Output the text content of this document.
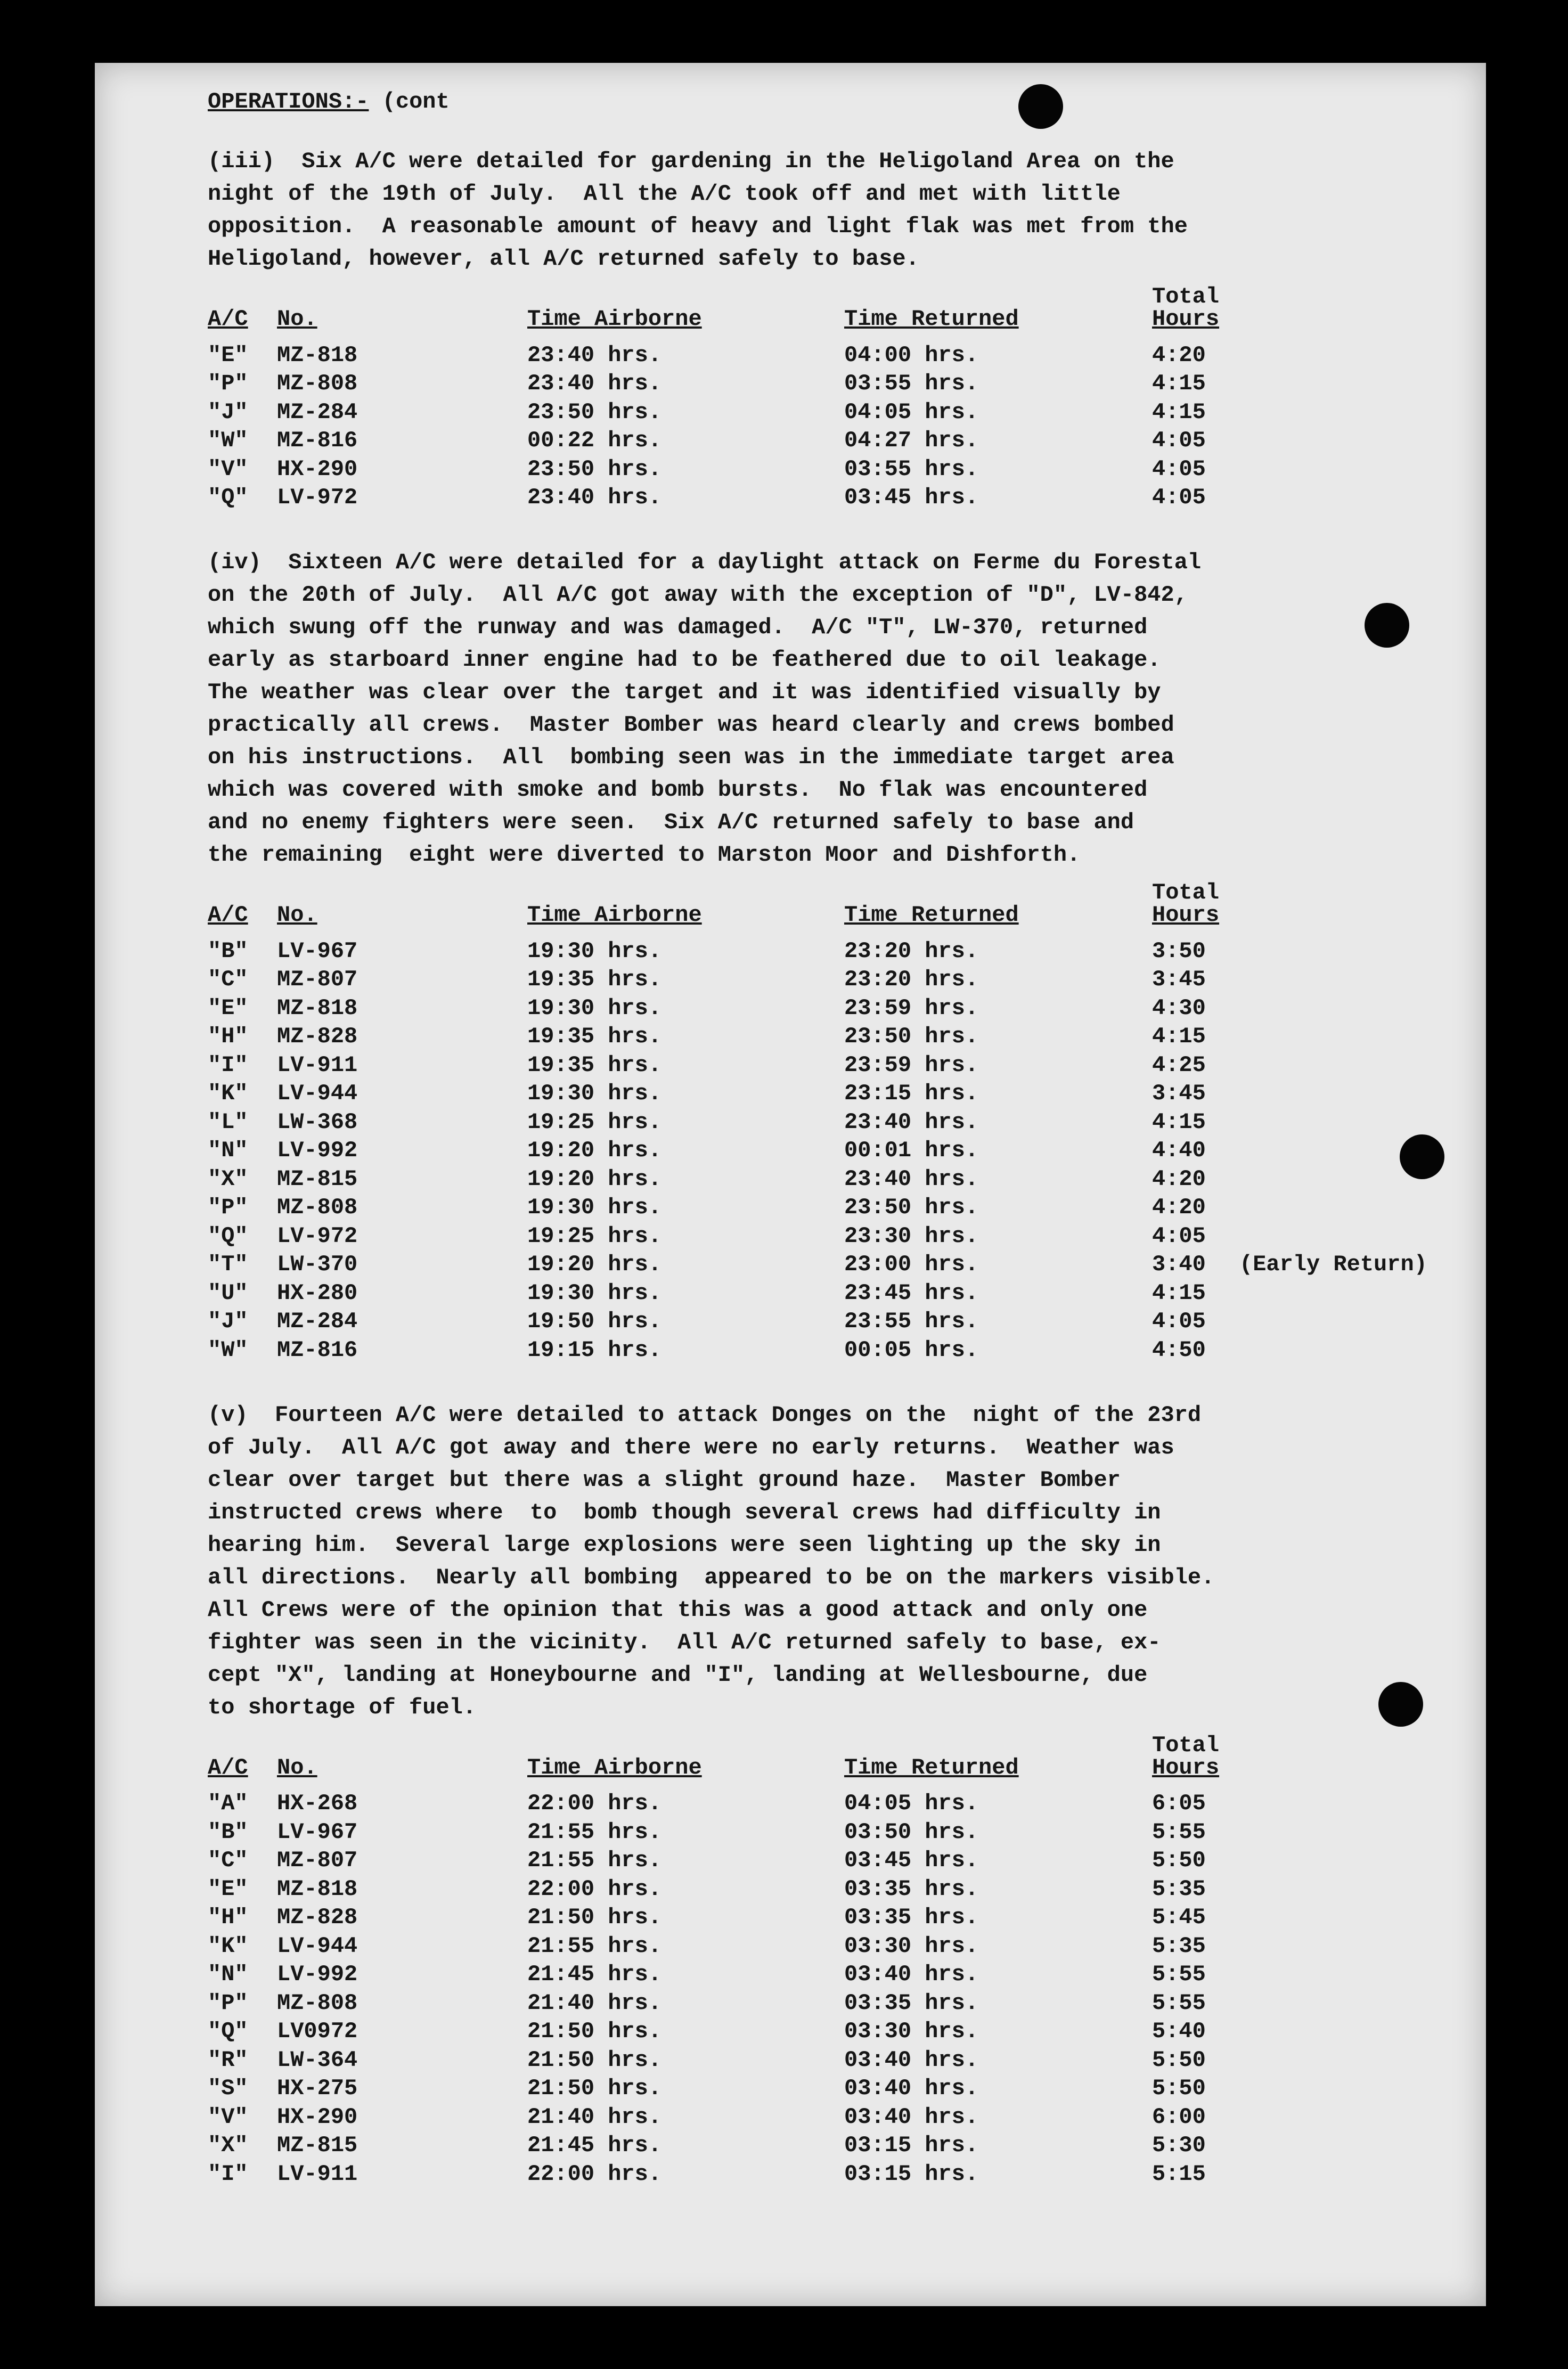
OPERATIONS:- (cont
(iii)  Six A/C were detailed for gardening in the Heligoland Area on the
night of the 19th of July.  All the A/C took off and met with little
opposition.  A reasonable amount of heavy and light flak was met from the
Heligoland, however, all A/C returned safely to base.
				Total	
A/C	No.	Time Airborne	Time Returned	Hours	
"E"	MZ-818	23:40 hrs.	04:00 hrs.	4:20	
"P"	MZ-808	23:40 hrs.	03:55 hrs.	4:15	
"J"	MZ-284	23:50 hrs.	04:05 hrs.	4:15	
"W"	MZ-816	00:22 hrs.	04:27 hrs.	4:05	
"V"	HX-290	23:50 hrs.	03:55 hrs.	4:05	
"Q"	LV-972	23:40 hrs.	03:45 hrs.	4:05	
(iv)  Sixteen A/C were detailed for a daylight attack on Ferme du Forestal
on the 20th of July.  All A/C got away with the exception of "D", LV-842,
which swung off the runway and was damaged.  A/C "T", LW-370, returned
early as starboard inner engine had to be feathered due to oil leakage.
The weather was clear over the target and it was identified visually by
practically all crews.  Master Bomber was heard clearly and crews bombed
on his instructions.  All  bombing seen was in the immediate target area
which was covered with smoke and bomb bursts.  No flak was encountered
and no enemy fighters were seen.  Six A/C returned safely to base and
the remaining  eight were diverted to Marston Moor and Dishforth.
				Total	
A/C	No.	Time Airborne	Time Returned	Hours	
"B"	LV-967	19:30 hrs.	23:20 hrs.	3:50	
"C"	MZ-807	19:35 hrs.	23:20 hrs.	3:45	
"E"	MZ-818	19:30 hrs.	23:59 hrs.	4:30	
"H"	MZ-828	19:35 hrs.	23:50 hrs.	4:15	
"I"	LV-911	19:35 hrs.	23:59 hrs.	4:25	
"K"	LV-944	19:30 hrs.	23:15 hrs.	3:45	
"L"	LW-368	19:25 hrs.	23:40 hrs.	4:15	
"N"	LV-992	19:20 hrs.	00:01 hrs.	4:40	
"X"	MZ-815	19:20 hrs.	23:40 hrs.	4:20	
"P"	MZ-808	19:30 hrs.	23:50 hrs.	4:20	
"Q"	LV-972	19:25 hrs.	23:30 hrs.	4:05	
"T"	LW-370	19:20 hrs.	23:00 hrs.	3:40	(Early Return)
"U"	HX-280	19:30 hrs.	23:45 hrs.	4:15	
"J"	MZ-284	19:50 hrs.	23:55 hrs.	4:05	
"W"	MZ-816	19:15 hrs.	00:05 hrs.	4:50	
(v)  Fourteen A/C were detailed to attack Donges on the  night of the 23rd
of July.  All A/C got away and there were no early returns.  Weather was
clear over target but there was a slight ground haze.  Master Bomber
instructed crews where  to  bomb though several crews had difficulty in
hearing him.  Several large explosions were seen lighting up the sky in
all directions.  Nearly all bombing  appeared to be on the markers visible.
All Crews were of the opinion that this was a good attack and only one
fighter was seen in the vicinity.  All A/C returned safely to base, ex-
cept "X", landing at Honeybourne and "I", landing at Wellesbourne, due
to shortage of fuel.
				Total	
A/C	No.	Time Airborne	Time Returned	Hours	
"A"	HX-268	22:00 hrs.	04:05 hrs.	6:05	
"B"	LV-967	21:55 hrs.	03:50 hrs.	5:55	
"C"	MZ-807	21:55 hrs.	03:45 hrs.	5:50	
"E"	MZ-818	22:00 hrs.	03:35 hrs.	5:35	
"H"	MZ-828	21:50 hrs.	03:35 hrs.	5:45	
"K"	LV-944	21:55 hrs.	03:30 hrs.	5:35	
"N"	LV-992	21:45 hrs.	03:40 hrs.	5:55	
"P"	MZ-808	21:40 hrs.	03:35 hrs.	5:55	
"Q"	LV0972	21:50 hrs.	03:30 hrs.	5:40	
"R"	LW-364	21:50 hrs.	03:40 hrs.	5:50	
"S"	HX-275	21:50 hrs.	03:40 hrs.	5:50	
"V"	HX-290	21:40 hrs.	03:40 hrs.	6:00	
"X"	MZ-815	21:45 hrs.	03:15 hrs.	5:30	
"I"	LV-911	22:00 hrs.	03:15 hrs.	5:15	
